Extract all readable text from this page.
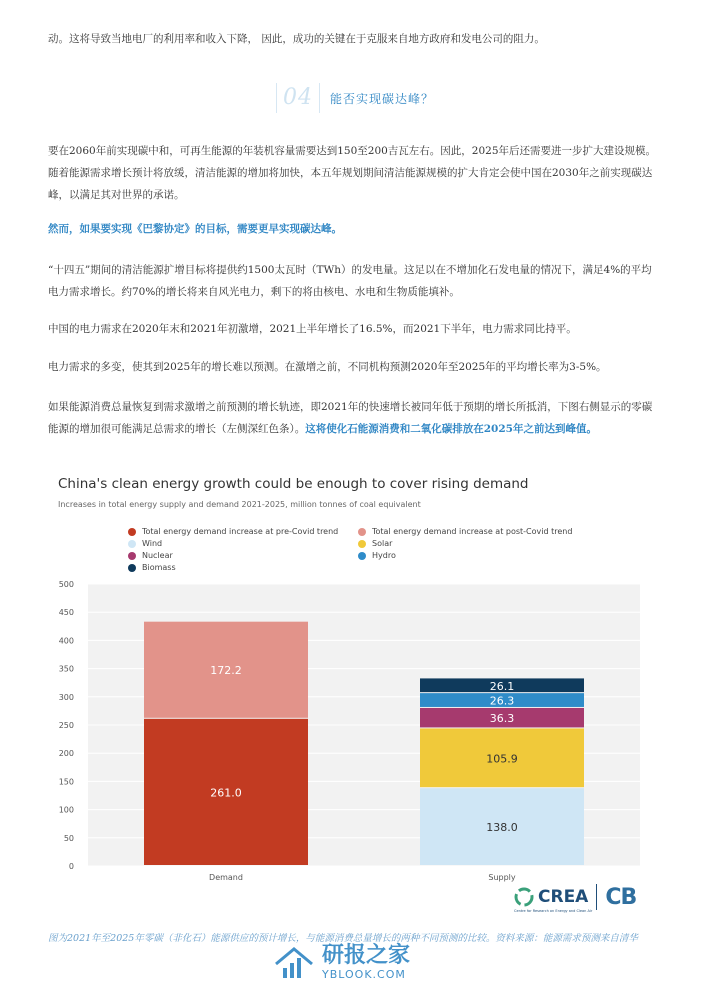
动。这将导致当地电厂的利用率和收入下降， 因此，成功的关键在于克服来自地方政府和发电公司的阻力。
04	能否实现碳达峰？
要在2060年前实现碳中和，可再生能源的年装机容量需要达到150至200吉瓦左右。因此，2025年后还需要进一步扩大建设规模。随着能源需求增长预计将放缓，清洁能源的增加将加快，本五年规划期间清洁能源规模的扩大肯定会使中国在2030年之前实现碳达峰，以满足其对世界的承诺。
然而，如果要实现《巴黎协定》的目标，需要更早实现碳达峰。
“十四五”期间的清洁能源扩增目标将提供约1500太瓦时（TWh）的发电量。这足以在不增加化石发电量的情况下，满足4%的平均电力需求增长。约70%的增长将来自风光电力，剩下的将由核电、水电和生物质能填补。
中国的电力需求在2020年末和2021年初激增，2021上半年增长了16.5%，而2021下半年，电力需求同比持平。
电力需求的多变，使其到2025年的增长难以预测。在激增之前，不同机构预测2020年至2025年的平均增长率为3-5%。
如果能源消费总量恢复到需求激增之前预测的增长轨迹，即2021年的快速增长被同年低于预期的增长所抵消，下图右侧显示的零碳能源的增加很可能满足总需求的增长（左侧深红色条）。这将使化石能源消费和二氧化碳排放在2025年之前达到峰值。
0
50
100
150
200
250
300
350
400
450
500
261.0
172.2
Demand
138.0
105.9
36.3
26.3
26.1
Supply
China's clean energy growth could be enough to cover rising demand
Increases in total energy supply and demand 2021-2025, million tonnes of coal equivalent
Total energy demand increase at pre-Covid trend	Total energy demand increase at post-Covid trend
Wind	Solar
Nuclear	Hydro
Biomass
CREA
Centre for Research on Energy and Clean Air
CB
图为2021年至2025年零碳（非化石）能源供应的预计增长，与能源消费总量增长的两种不同预测的比较。资料来源：能源需求预测来自清华
研报之家
YBLOOK.COM
